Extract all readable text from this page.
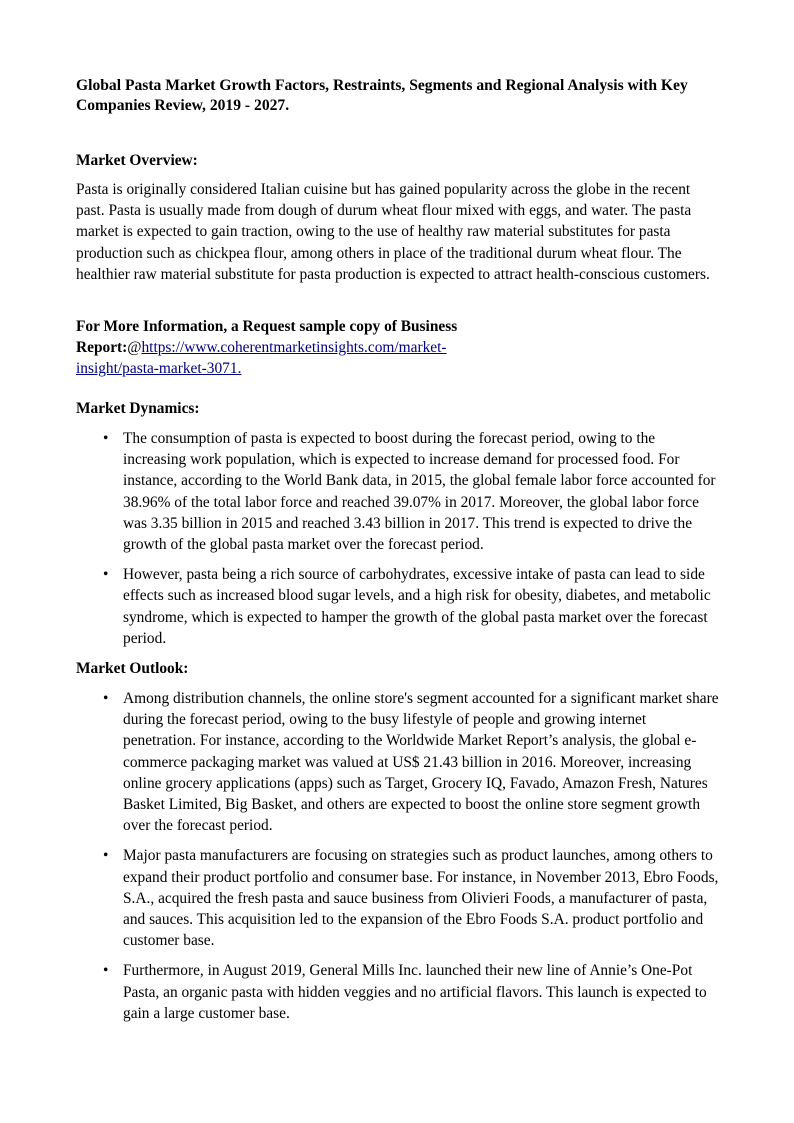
Global Pasta Market Growth Factors, Restraints, Segments and Regional Analysis with Key Companies Review, 2019 - 2027.

Market Overview:

Pasta is originally considered Italian cuisine but has gained popularity across the globe in the recent past. Pasta is usually made from dough of durum wheat flour mixed with eggs, and water. The pasta market is expected to gain traction, owing to the use of healthy raw material substitutes for pasta production such as chickpea flour, among others in place of the traditional durum wheat flour. The healthier raw material substitute for pasta production is expected to attract health-conscious customers.

For More Information, a Request sample copy of Business Report:@https://www.coherentmarketinsights.com/market-insight/pasta-market-3071.

Market Dynamics:

• The consumption of pasta is expected to boost during the forecast period, owing to the increasing work population, which is expected to increase demand for processed food. For instance, according to the World Bank data, in 2015, the global female labor force accounted for 38.96% of the total labor force and reached 39.07% in 2017. Moreover, the global labor force was 3.35 billion in 2015 and reached 3.43 billion in 2017. This trend is expected to drive the growth of the global pasta market over the forecast period.
• However, pasta being a rich source of carbohydrates, excessive intake of pasta can lead to side effects such as increased blood sugar levels, and a high risk for obesity, diabetes, and metabolic syndrome, which is expected to hamper the growth of the global pasta market over the forecast period.

Market Outlook:

• Among distribution channels, the online store's segment accounted for a significant market share during the forecast period, owing to the busy lifestyle of people and growing internet penetration. For instance, according to the Worldwide Market Report’s analysis, the global e-commerce packaging market was valued at US$ 21.43 billion in 2016. Moreover, increasing online grocery applications (apps) such as Target, Grocery IQ, Favado, Amazon Fresh, Natures Basket Limited, Big Basket, and others are expected to boost the online store segment growth over the forecast period.
• Major pasta manufacturers are focusing on strategies such as product launches, among others to expand their product portfolio and consumer base. For instance, in November 2013, Ebro Foods, S.A., acquired the fresh pasta and sauce business from Olivieri Foods, a manufacturer of pasta, and sauces. This acquisition led to the expansion of the Ebro Foods S.A. product portfolio and customer base.
• Furthermore, in August 2019, General Mills Inc. launched their new line of Annie’s One-Pot Pasta, an organic pasta with hidden veggies and no artificial flavors. This launch is expected to gain a large customer base.
